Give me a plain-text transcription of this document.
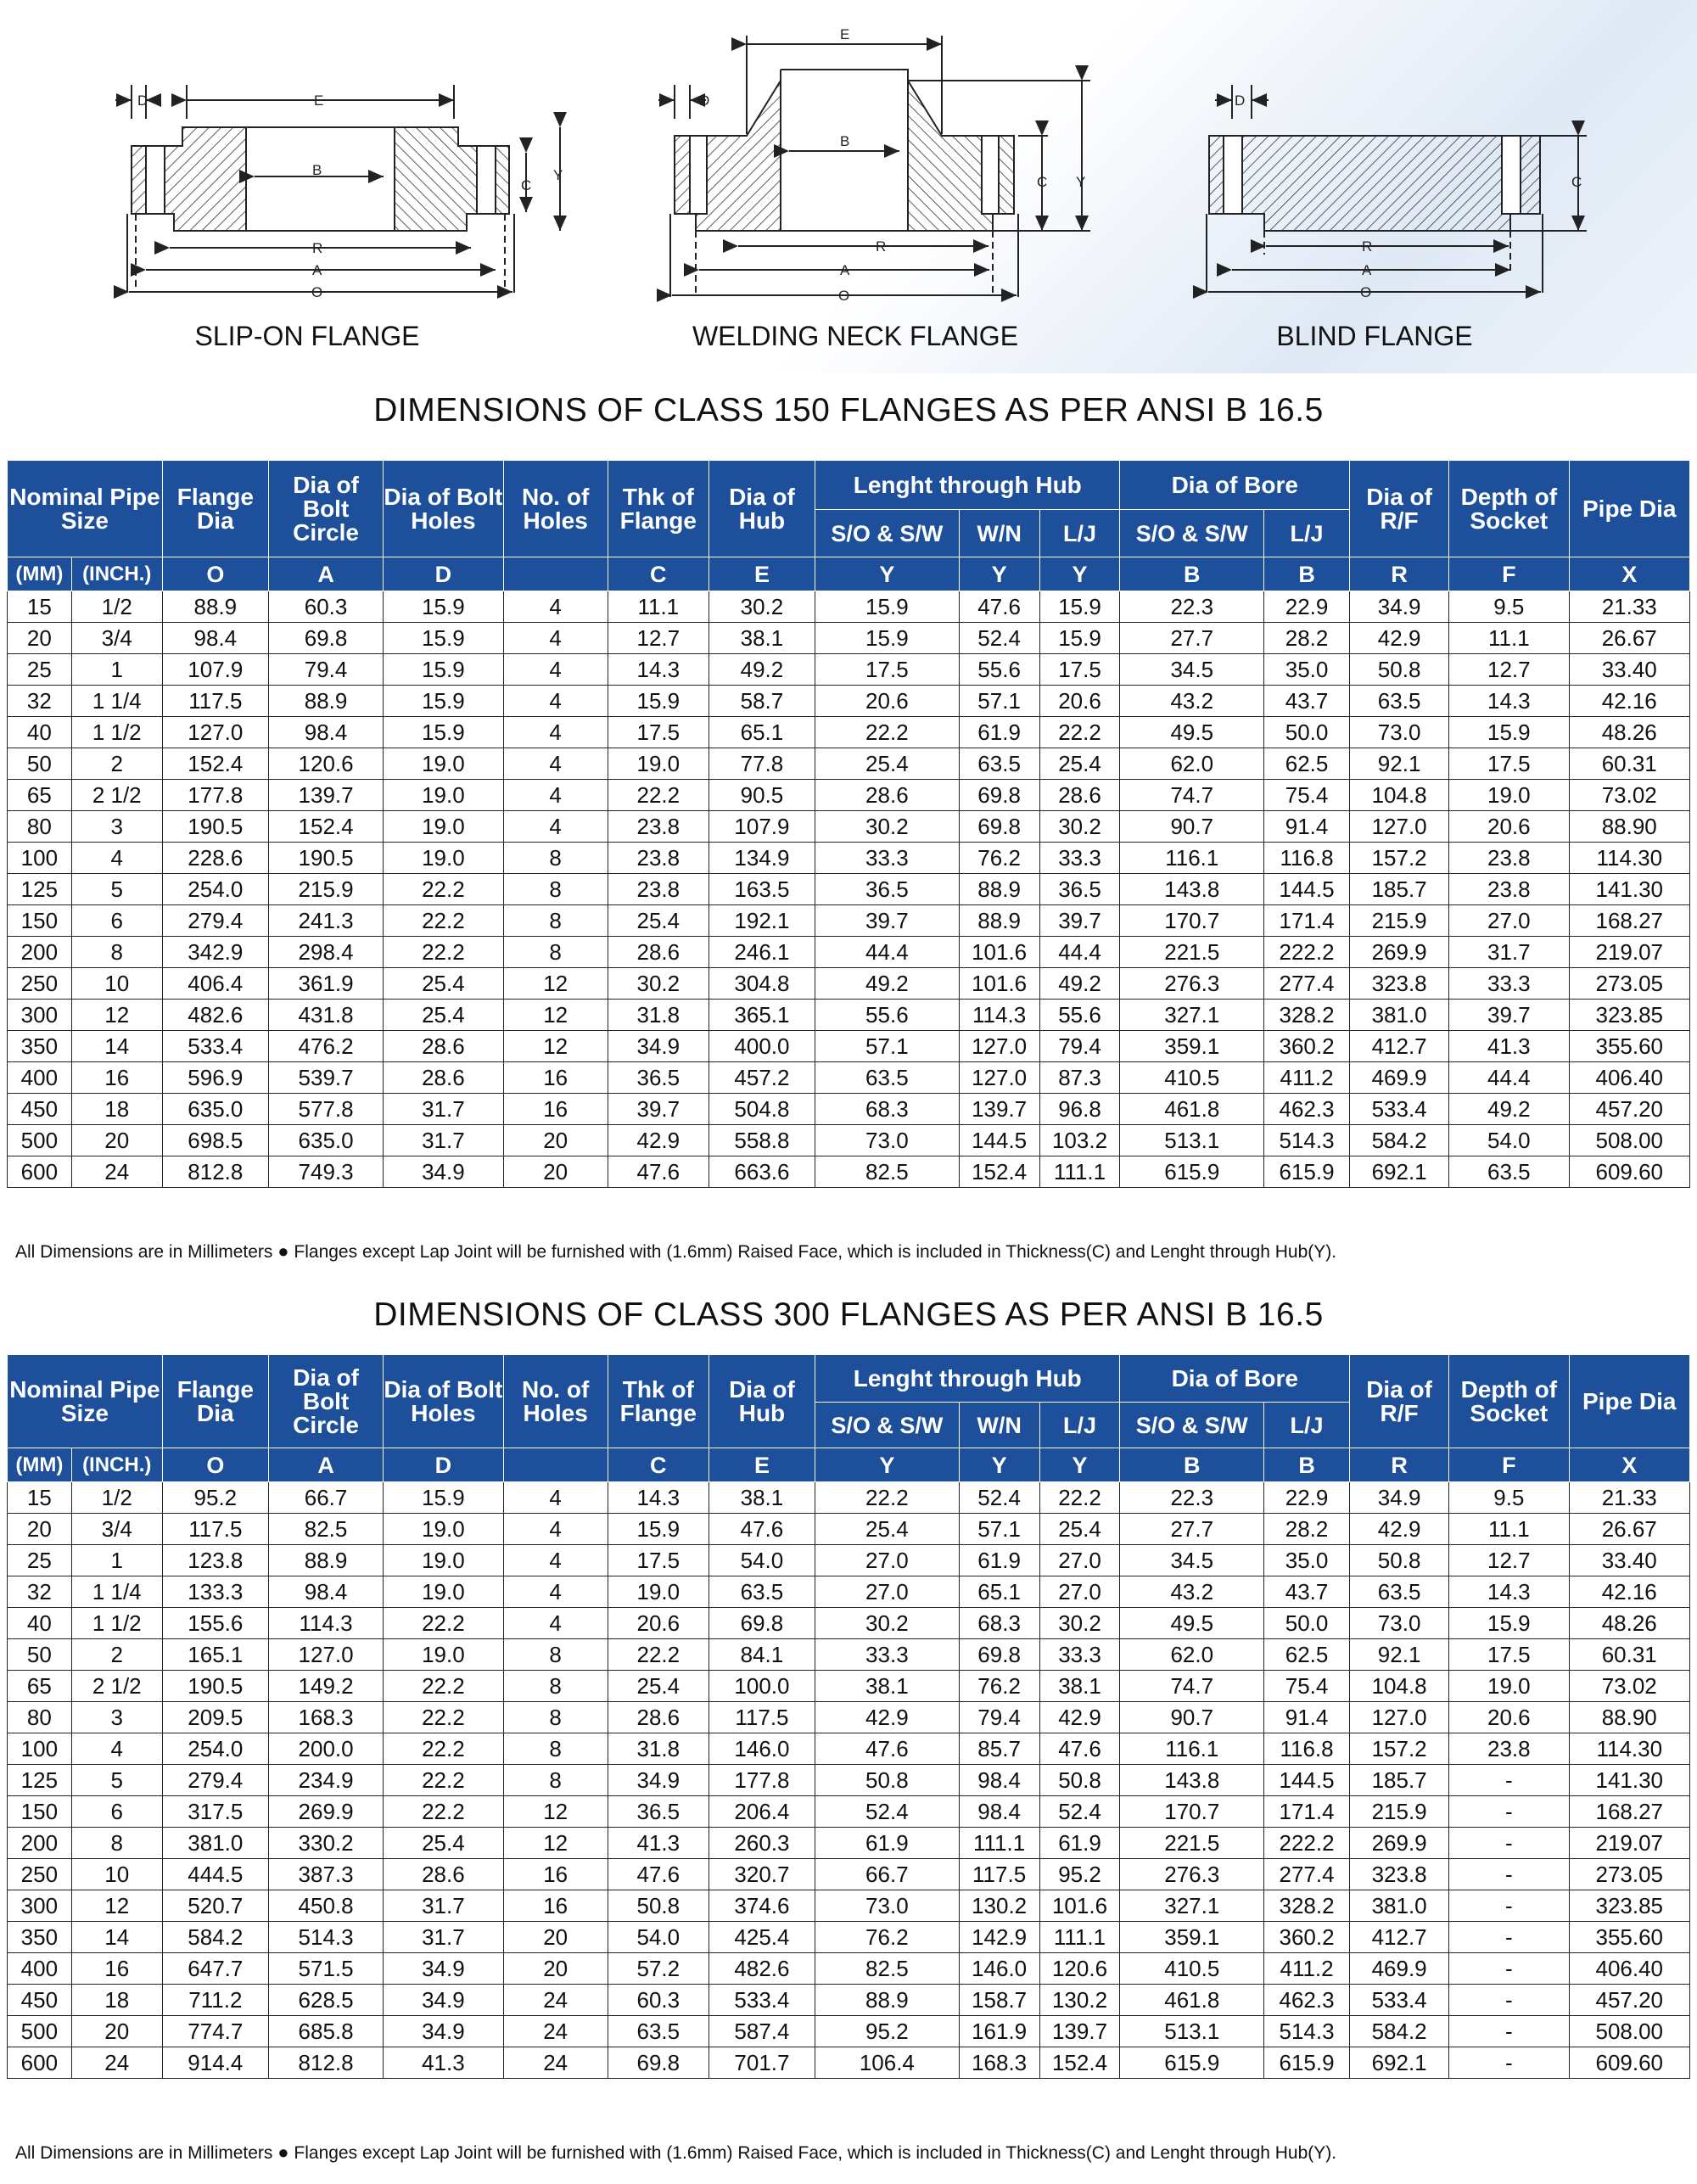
D	E
B
C
Y
R
A
O
E
D
B
C Y
R
A
O
D
C
R
A
O
SLIP-ON FLANGE	WELDING NECK FLANGE	BLIND FLANGE
DIMENSIONS OF CLASS 150 FLANGES AS PER ANSI B 16.5
Nominal Pipe Size		Flange Dia	Dia of Bolt Circle	Dia of Bolt Holes	No. of Holes	Thk of Flange	Dia of Hub	Lenght through Hub			Dia of Bore		Dia of R/F	Depth of Socket	Pipe Dia
								S/O & S/W	W/N	L/J	S/O & S/W	L/J			
(MM)	(INCH.)	O	A	D		C	E	Y	Y	Y	B	B	R	F	X
15	1/2	88.9	60.3	15.9	4	11.1	30.2	15.9	47.6	15.9	22.3	22.9	34.9	9.5	21.33
20	3/4	98.4	69.8	15.9	4	12.7	38.1	15.9	52.4	15.9	27.7	28.2	42.9	11.1	26.67
25	1	107.9	79.4	15.9	4	14.3	49.2	17.5	55.6	17.5	34.5	35.0	50.8	12.7	33.40
32	1 1/4	117.5	88.9	15.9	4	15.9	58.7	20.6	57.1	20.6	43.2	43.7	63.5	14.3	42.16
40	1 1/2	127.0	98.4	15.9	4	17.5	65.1	22.2	61.9	22.2	49.5	50.0	73.0	15.9	48.26
50	2	152.4	120.6	19.0	4	19.0	77.8	25.4	63.5	25.4	62.0	62.5	92.1	17.5	60.31
65	2 1/2	177.8	139.7	19.0	4	22.2	90.5	28.6	69.8	28.6	74.7	75.4	104.8	19.0	73.02
80	3	190.5	152.4	19.0	4	23.8	107.9	30.2	69.8	30.2	90.7	91.4	127.0	20.6	88.90
100	4	228.6	190.5	19.0	8	23.8	134.9	33.3	76.2	33.3	116.1	116.8	157.2	23.8	114.30
125	5	254.0	215.9	22.2	8	23.8	163.5	36.5	88.9	36.5	143.8	144.5	185.7	23.8	141.30
150	6	279.4	241.3	22.2	8	25.4	192.1	39.7	88.9	39.7	170.7	171.4	215.9	27.0	168.27
200	8	342.9	298.4	22.2	8	28.6	246.1	44.4	101.6	44.4	221.5	222.2	269.9	31.7	219.07
250	10	406.4	361.9	25.4	12	30.2	304.8	49.2	101.6	49.2	276.3	277.4	323.8	33.3	273.05
300	12	482.6	431.8	25.4	12	31.8	365.1	55.6	114.3	55.6	327.1	328.2	381.0	39.7	323.85
350	14	533.4	476.2	28.6	12	34.9	400.0	57.1	127.0	79.4	359.1	360.2	412.7	41.3	355.60
400	16	596.9	539.7	28.6	16	36.5	457.2	63.5	127.0	87.3	410.5	411.2	469.9	44.4	406.40
450	18	635.0	577.8	31.7	16	39.7	504.8	68.3	139.7	96.8	461.8	462.3	533.4	49.2	457.20
500	20	698.5	635.0	31.7	20	42.9	558.8	73.0	144.5	103.2	513.1	514.3	584.2	54.0	508.00
600	24	812.8	749.3	34.9	20	47.6	663.6	82.5	152.4	111.1	615.9	615.9	692.1	63.5	609.60
All Dimensions are in Millimeters ● Flanges except Lap Joint will be furnished with (1.6mm) Raised Face, which is included in Thickness(C) and Lenght through Hub(Y).
DIMENSIONS OF CLASS 300 FLANGES AS PER ANSI B 16.5
Nominal Pipe Size		Flange Dia	Dia of Bolt Circle	Dia of Bolt Holes	No. of Holes	Thk of Flange	Dia of Hub	Lenght through Hub			Dia of Bore		Dia of R/F	Depth of Socket	Pipe Dia
								S/O & S/W	W/N	L/J	S/O & S/W	L/J			
(MM)	(INCH.)	O	A	D		C	E	Y	Y	Y	B	B	R	F	X
15	1/2	95.2	66.7	15.9	4	14.3	38.1	22.2	52.4	22.2	22.3	22.9	34.9	9.5	21.33
20	3/4	117.5	82.5	19.0	4	15.9	47.6	25.4	57.1	25.4	27.7	28.2	42.9	11.1	26.67
25	1	123.8	88.9	19.0	4	17.5	54.0	27.0	61.9	27.0	34.5	35.0	50.8	12.7	33.40
32	1 1/4	133.3	98.4	19.0	4	19.0	63.5	27.0	65.1	27.0	43.2	43.7	63.5	14.3	42.16
40	1 1/2	155.6	114.3	22.2	4	20.6	69.8	30.2	68.3	30.2	49.5	50.0	73.0	15.9	48.26
50	2	165.1	127.0	19.0	8	22.2	84.1	33.3	69.8	33.3	62.0	62.5	92.1	17.5	60.31
65	2 1/2	190.5	149.2	22.2	8	25.4	100.0	38.1	76.2	38.1	74.7	75.4	104.8	19.0	73.02
80	3	209.5	168.3	22.2	8	28.6	117.5	42.9	79.4	42.9	90.7	91.4	127.0	20.6	88.90
100	4	254.0	200.0	22.2	8	31.8	146.0	47.6	85.7	47.6	116.1	116.8	157.2	23.8	114.30
125	5	279.4	234.9	22.2	8	34.9	177.8	50.8	98.4	50.8	143.8	144.5	185.7	-	141.30
150	6	317.5	269.9	22.2	12	36.5	206.4	52.4	98.4	52.4	170.7	171.4	215.9	-	168.27
200	8	381.0	330.2	25.4	12	41.3	260.3	61.9	111.1	61.9	221.5	222.2	269.9	-	219.07
250	10	444.5	387.3	28.6	16	47.6	320.7	66.7	117.5	95.2	276.3	277.4	323.8	-	273.05
300	12	520.7	450.8	31.7	16	50.8	374.6	73.0	130.2	101.6	327.1	328.2	381.0	-	323.85
350	14	584.2	514.3	31.7	20	54.0	425.4	76.2	142.9	111.1	359.1	360.2	412.7	-	355.60
400	16	647.7	571.5	34.9	20	57.2	482.6	82.5	146.0	120.6	410.5	411.2	469.9	-	406.40
450	18	711.2	628.5	34.9	24	60.3	533.4	88.9	158.7	130.2	461.8	462.3	533.4	-	457.20
500	20	774.7	685.8	34.9	24	63.5	587.4	95.2	161.9	139.7	513.1	514.3	584.2	-	508.00
600	24	914.4	812.8	41.3	24	69.8	701.7	106.4	168.3	152.4	615.9	615.9	692.1	-	609.60
All Dimensions are in Millimeters ● Flanges except Lap Joint will be furnished with (1.6mm) Raised Face, which is included in Thickness(C) and Lenght through Hub(Y).
